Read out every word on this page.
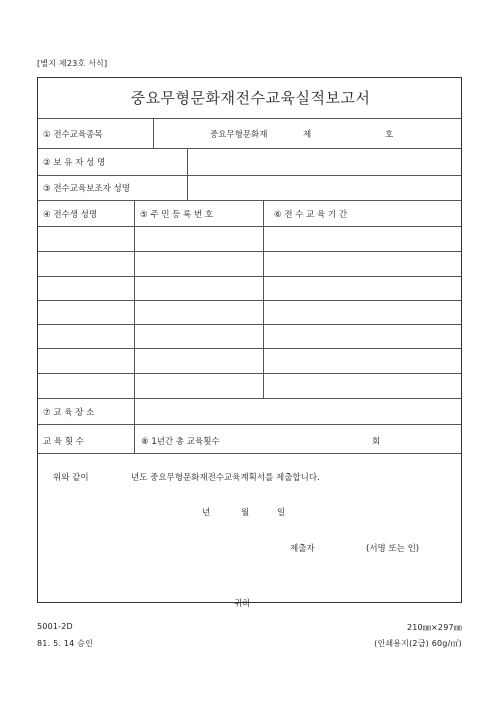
[별지 제23호 서식]
중요무형문화재전수교육실적보고서
① 전수교육종목	중요무형문화재	제	호
② 보 유 자 성 명
③ 전수교육보조자 성명
④ 전수생 성명	⑤ 주 민 등 록 번 호	⑥ 전 수 교 육 기 간
⑦ 교 육 장 소
교 육 횟 수	⑧ 1년간 총 교육횟수	회
위와 같이	년도 중요무형문화재전수교육계획서를 제출합니다.
년	월	일
제출자	(서명 또는 인)
귀하
5001-2D
81. 5. 14 승인
210㎜×297㎜
(인쇄용지(2급) 60g/㎡)
